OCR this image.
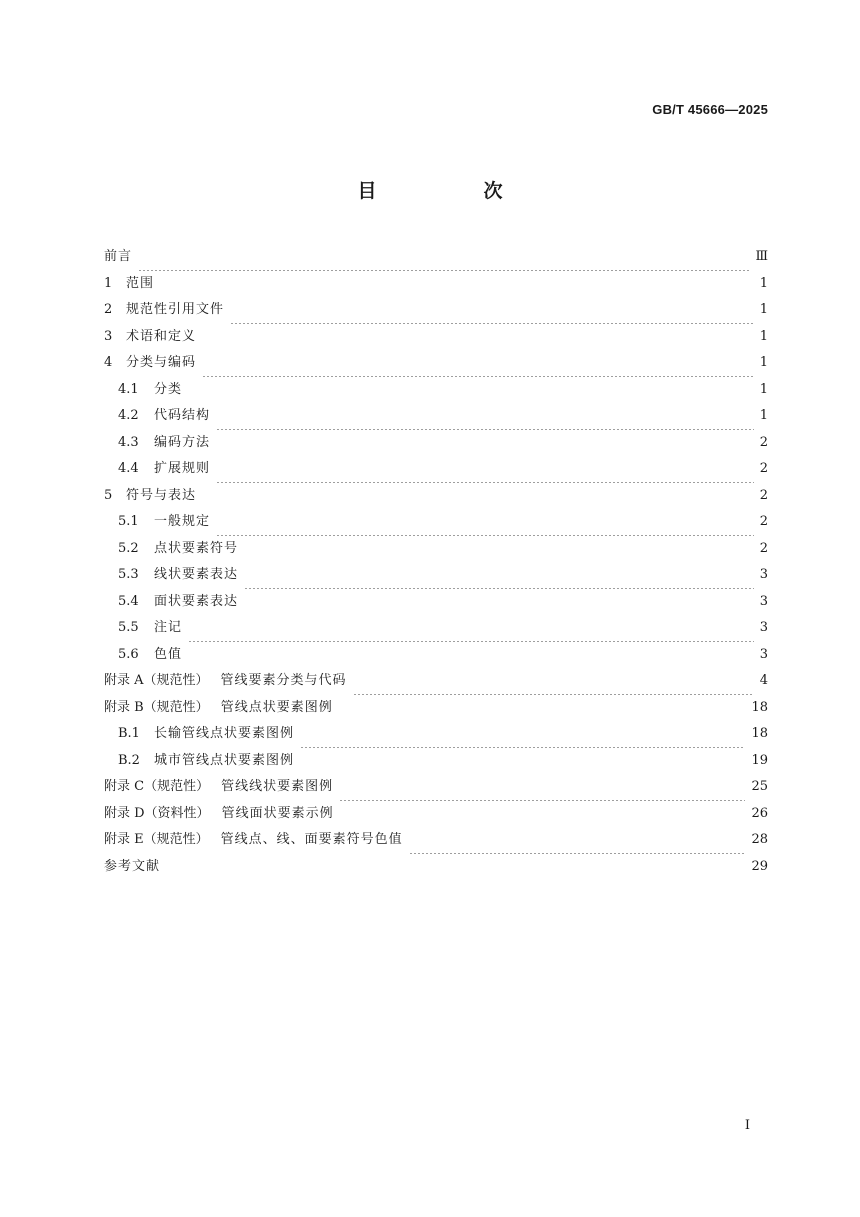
GB/T 45666—2025
目　次
前言	Ⅲ
1	范围	1
2	规范性引用文件	1
3	术语和定义	1
4	分类与编码	1
4.1	分类	1
4.2	代码结构	1
4.3	编码方法	2
4.4	扩展规则	2
5	符号与表达	2
5.1	一般规定	2
5.2	点状要素符号	2
5.3	线状要素表达	3
5.4	面状要素表达	3
5.5	注记	3
5.6	色值	3
附录 A（规范性） 管线要素分类与代码	4
附录 B（规范性） 管线点状要素图例	18
B.1	长输管线点状要素图例	18
B.2	城市管线点状要素图例	19
附录 C（规范性） 管线线状要素图例	25
附录 D（资料性） 管线面状要素示例	26
附录 E（规范性） 管线点、线、面要素符号色值	28
参考文献	29
I
